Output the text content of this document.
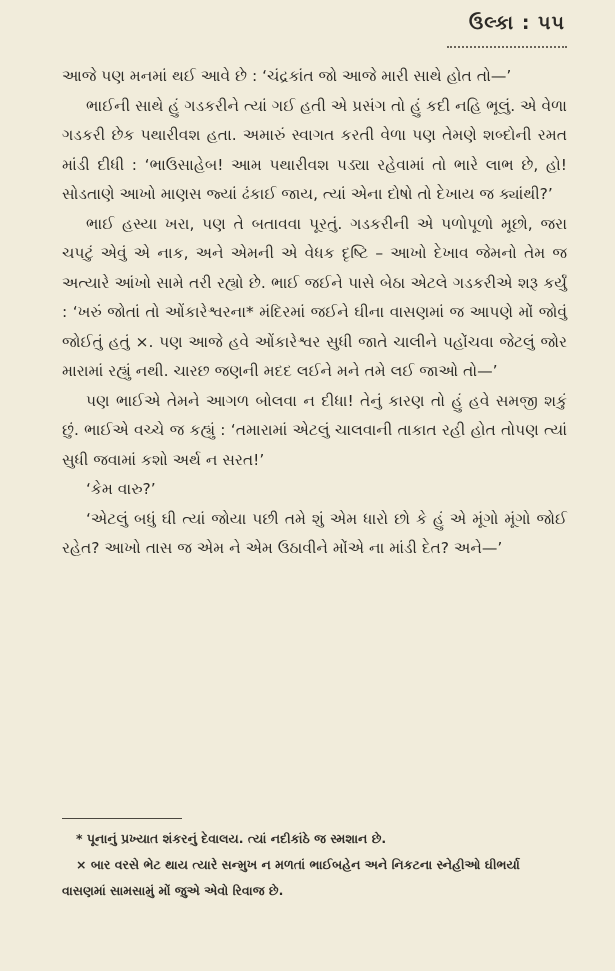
ઉલ્કા : ૫૫

આજે પણ મનમાં થઈ આવે છે : ‘ચંદ્રકાંત જો આજે મારી સાથે હોત તો—’

ભાઈની સાથે હું ગડકરીને ત્યાં ગઈ હતી એ પ્રસંગ તો હું કદી નહિ ભૂલું. એ વેળા ગડકરી છેક પથારીવશ હતા. અમારું સ્વાગત કરતી વેળા પણ તેમણે શબ્દોની રમત માંડી દીધી : ‘ભાઉસાહેબ! આમ પથારીવશ પડ્યા રહેવામાં તો ભારે લાભ છે, હો! સોડતાણે આખો માણસ જ્યાં ઢંકાઈ જાય, ત્યાં એના દોષો તો દેખાય જ ક્યાંથી?’

ભાઈ હસ્યા ખરા, પણ તે બતાવવા પૂરતું. ગડકરીની એ પળોપૂળો મૂછો, જરા ચપટું એવું એ નાક, અને એમની એ વેધક દૃષ્ટિ – આખો દેખાવ જેમનો તેમ જ અત્યારે આંખો સામે તરી રહ્યો છે. ભાઈ જઈને પાસે બેઠા એટલે ગડકરીએ શરૂ કર્યું : ‘ખરું જોતાં તો ઓંકારેશ્વરના* મંદિરમાં જઈને ઘીના વાસણમાં જ આપણે મોં જોવું જોઈતું હતું ×. પણ આજે હવે ઓંકારેશ્વર સુધી જાતે ચાલીને પહોંચવા જેટલું જોર મારામાં રહ્યું નથી. ચારછ જણની મદદ લઈને મને તમે લઈ જાઓ તો—’

પણ ભાઈએ તેમને આગળ બોલવા ન દીધા! તેનું કારણ તો હું હવે સમજી શકું છું. ભાઈએ વચ્ચે જ કહ્યું : ‘તમારામાં એટલું ચાલવાની તાકાત રહી હોત તોપણ ત્યાં સુધી જવામાં કશો અર્થ ન સરત!’

‘કેમ વારુ?’

‘એટલું બધું ઘી ત્યાં જોયા પછી તમે શું એમ ધારો છો કે હું એ મૂંગો મૂંગો જોઈ રહેત? આખો તાસ જ એમ ને એમ ઉઠાવીને મોંએ ના માંડી દેત? અને—’

* પૂનાનું પ્રખ્યાત શંકરનું દેવાલય. ત્યાં નદીકાંઠે જ સ્મશાન છે.

× બાર વરસે ભેટ થાય ત્યારે સન્મુખ ન મળતાં ભાઈબહેન અને નિકટના સ્નેહીઓ ઘીભર્યા વાસણમાં સામસામું મોં જુએ એવો રિવાજ છે.
